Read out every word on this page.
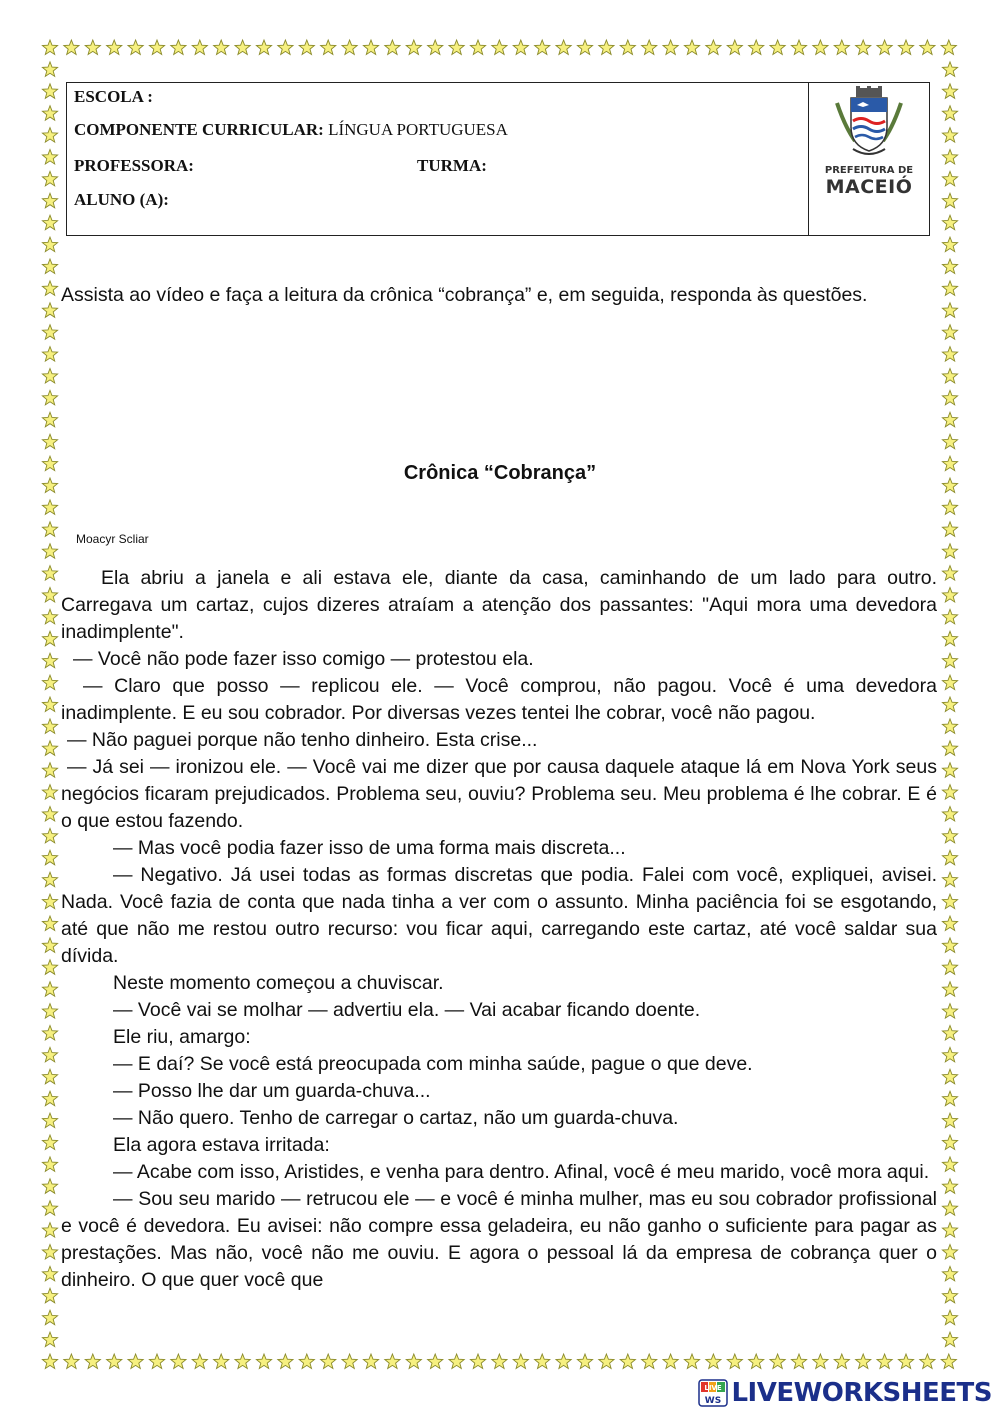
ESCOLA :
COMPONENTE CURRICULAR: LÍNGUA PORTUGUESA
PROFESSORA:	TURMA:
ALUNO (A):
PREFEITURA DE
MACEIÓ
Assista ao vídeo e faça a leitura da crônica “cobrança” e, em seguida, responda às questões.
Crônica “Cobrança”
Moacyr Scliar

Ela abriu a janela e ali estava ele, diante da casa, caminhando de um lado para outro. Carregava um cartaz, cujos dizeres atraíam a atenção dos passantes: "Aqui mora uma devedora inadimplente".

— Você não pode fazer isso comigo — protestou ela.

— Claro que posso — replicou ele. — Você comprou, não pagou. Você é uma devedora inadimplente. E eu sou cobrador. Por diversas vezes tentei lhe cobrar, você não pagou.

— Não paguei porque não tenho dinheiro. Esta crise...

— Já sei — ironizou ele. — Você vai me dizer que por causa daquele ataque lá em Nova York seus negócios ficaram prejudicados. Problema seu, ouviu? Problema seu. Meu problema é lhe cobrar. E é o que estou fazendo.

— Mas você podia fazer isso de uma forma mais discreta...

— Negativo. Já usei todas as formas discretas que podia. Falei com você, expliquei, avisei. Nada. Você fazia de conta que nada tinha a ver com o assunto. Minha paciência foi se esgotando, até que não me restou outro recurso: vou ficar aqui, carregando este cartaz, até você saldar sua dívida.

Neste momento começou a chuviscar.

— Você vai se molhar — advertiu ela. — Vai acabar ficando doente.

Ele riu, amargo:

— E daí? Se você está preocupada com minha saúde, pague o que deve.

— Posso lhe dar um guarda-chuva...

— Não quero. Tenho de carregar o cartaz, não um guarda-chuva.

Ela agora estava irritada:

— Acabe com isso, Aristides, e venha para dentro. Afinal, você é meu marido, você mora aqui.

— Sou seu marido — retrucou ele — e você é minha mulher, mas eu sou cobrador profissional e você é devedora. Eu avisei: não compre essa geladeira, eu não ganho o suficiente para pagar as prestações. Mas não, você não me ouviu. E agora o pessoal lá da empresa de cobrança quer o dinheiro. O que quer você que

LIVE
WS LIVEWORKSHEETS
